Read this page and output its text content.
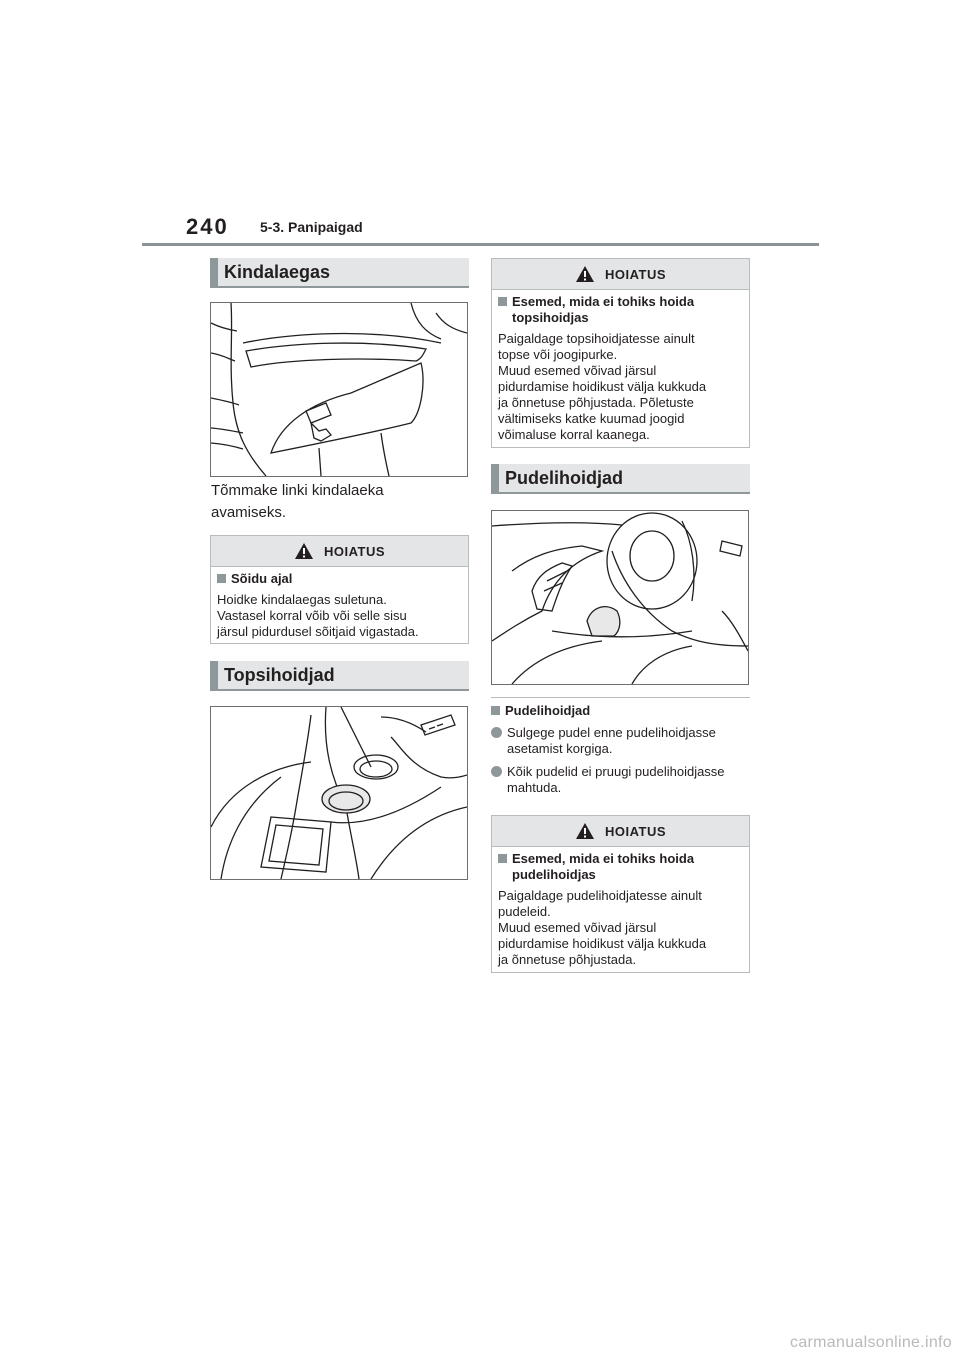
240 5-3. Panipaigad
Kindalaegas
Tõmmake linki kindalaeka
avamiseks.
HOIATUS
Sõidu ajal
Hoidke kindalaegas suletuna.
Vastasel korral võib või selle sisu
järsul pidurdusel sõitjaid vigastada.
Topsihoidjad
HOIATUS
Esemed, mida ei tohiks hoida
topsihoidjas
Paigaldage topsihoidjatesse ainult
topse või joogipurke.
Muud esemed võivad järsul
pidurdamise hoidikust välja kukkuda
ja õnnetuse põhjustada. Põletuste
vältimiseks katke kuumad joogid
võimaluse korral kaanega.
Pudelihoidjad
Pudelihoidjad
Sulgege pudel enne pudelihoidjasse
asetamist korgiga.
Kõik pudelid ei pruugi pudelihoidjasse
mahtuda.
HOIATUS
Esemed, mida ei tohiks hoida
pudelihoidjas
Paigaldage pudelihoidjatesse ainult
pudeleid.
Muud esemed võivad järsul
pidurdamise hoidikust välja kukkuda
ja õnnetuse põhjustada.
carmanualsonline.info
